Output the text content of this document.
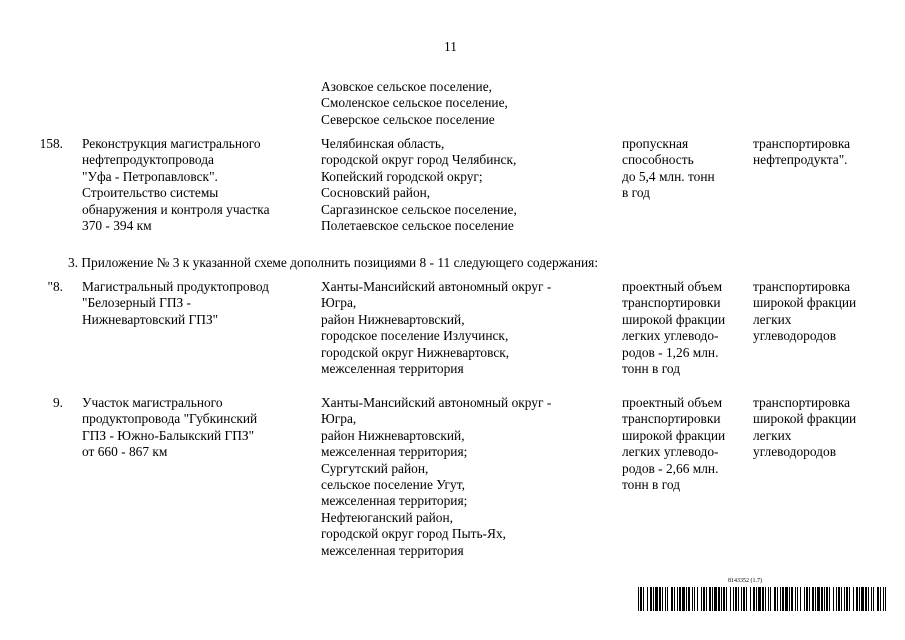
11
Азовское сельское поселение,
Смоленское сельское поселение,
Северское сельское поселение
158. Реконструкция магистрального
нефтепродуктопровода
"Уфа - Петропавловск".
Строительство системы
обнаружения и контроля участка
370 - 394 км
Челябинская область,
городской округ город Челябинск,
Копейский городской округ;
Сосновский район,
Саргазинское сельское поселение,
Полетаевское сельское поселение
пропускная
способность
до 5,4 млн. тонн
в год
транспортировка
нефтепродукта".
3. Приложение № 3 к указанной схеме дополнить позициями 8 - 11 следующего содержания:
"8. Магистральный продуктопровод
"Белозерный ГПЗ -
Нижневартовский ГПЗ"
Ханты-Мансийский автономный округ -
Югра,
район Нижневартовский,
городское поселение Излучинск,
городской округ Нижневартовск,
межселенная территория
проектный объем
транспортировки
широкой фракции
легких углеводо-
родов - 1,26 млн.
тонн в год
транспортировка
широкой фракции
легких
углеводородов
9. Участок магистрального
продуктопровода "Губкинский
ГПЗ - Южно-Балыкский ГПЗ"
от 660 - 867 км
Ханты-Мансийский автономный округ -
Югра,
район Нижневартовский,
межселенная территория;
Сургутский район,
сельское поселение Угут,
межселенная территория;
Нефтеюганский район,
городской округ город Пыть-Ях,
межселенная территория
проектный объем
транспортировки
широкой фракции
легких углеводо-
родов - 2,66 млн.
тонн в год
транспортировка
широкой фракции
легких
углеводородов
8143352 (1.7)
